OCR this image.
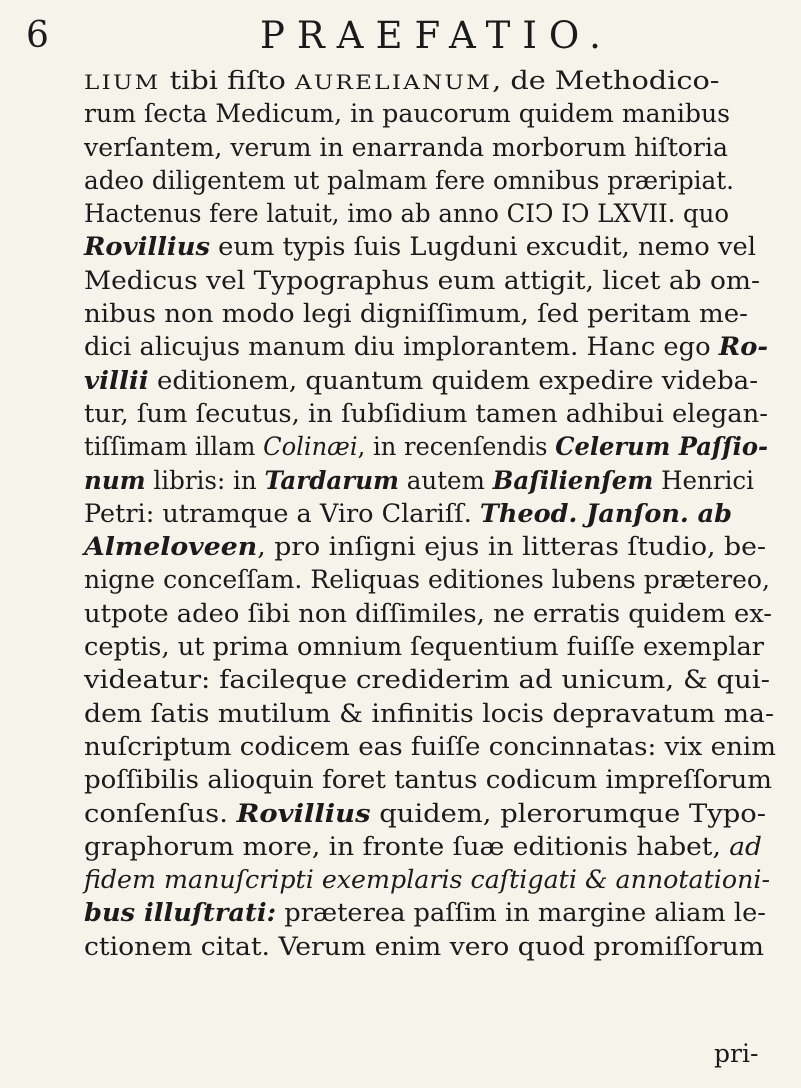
6	PRAEFATIO.
LIUM tibi fiſto AURELIANUM, de Methodico-
rum ſecta Medicum, in paucorum quidem manibus
verſantem, verum in enarranda morborum hiſtoria
adeo diligentem ut palmam fere omnibus præripiat.
Hactenus fere latuit, imo ab anno CIↃ IↃ LXVII. quo
Rovillius eum typis ſuis Lugduni excudit, nemo vel
Medicus vel Typographus eum attigit, licet ab om-
nibus non modo legi digniſſimum, ſed peritam me-
dici alicujus manum diu implorantem. Hanc ego Ro-
villii editionem, quantum quidem expedire videba-
tur, ſum ſecutus, in ſubſidium tamen adhibui elegan-
tiſſimam illam Colinæi, in recenſendis Celerum Paſſio-
num libris: in Tardarum autem Baſilienſem Henrici
Petri: utramque a Viro Clariſſ. Theod. Janſon. ab
Almeloveen, pro inſigni ejus in litteras ſtudio, be-
nigne conceſſam. Reliquas editiones lubens prætereo,
utpote adeo ſibi non diſſimiles, ne erratis quidem ex-
ceptis, ut prima omnium ſequentium fuiſſe exemplar
videatur: facileque crediderim ad unicum, & qui-
dem ſatis mutilum & infinitis locis depravatum ma-
nuſcriptum codicem eas fuiſſe concinnatas: vix enim
poſſibilis alioquin foret tantus codicum impreſſorum
conſenſus. Rovillius quidem, plerorumque Typo-
graphorum more, in fronte ſuæ editionis habet, ad
fidem manuſcripti exemplaris caſtigati & annotationi-
bus illuſtrati: præterea paſſim in margine aliam le-
ctionem citat. Verum enim vero quod promiſſorum
pri-
